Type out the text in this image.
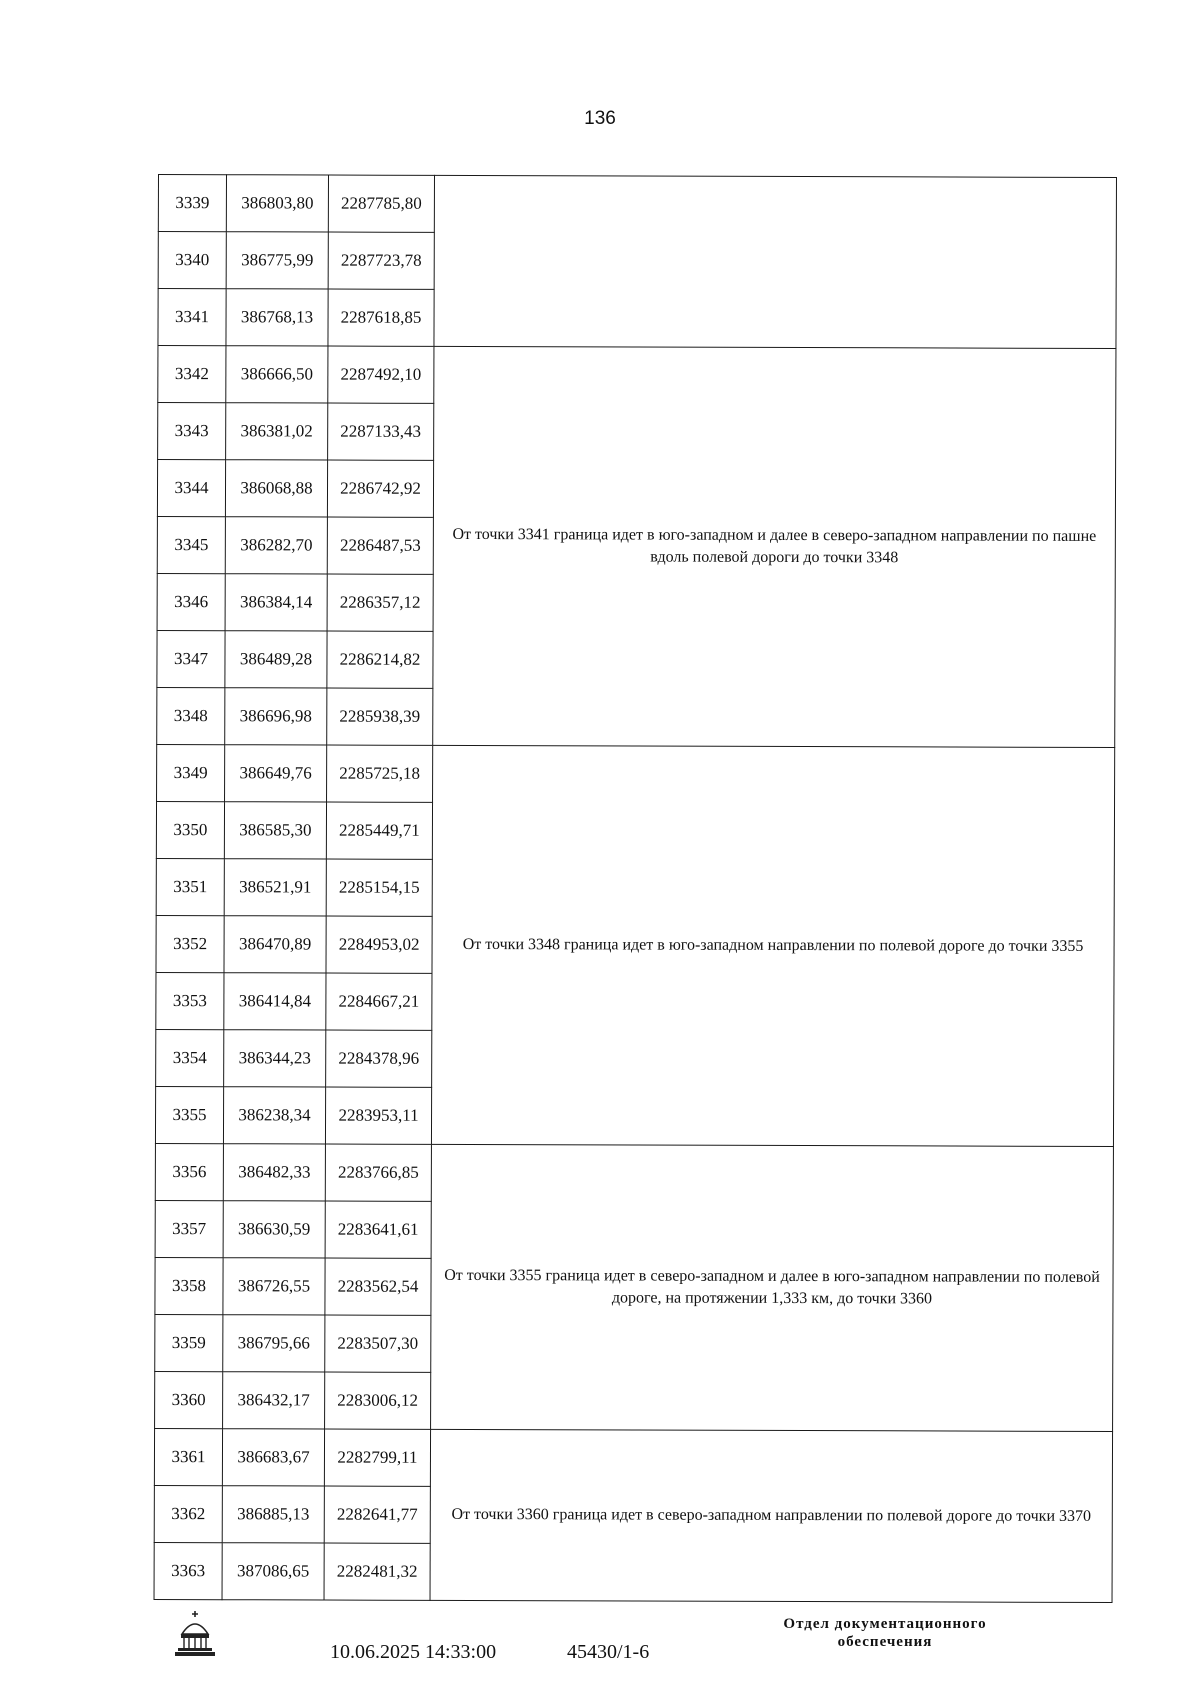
136
3339	386803,80	2287785,80	
3340	386775,99	2287723,78	
3341	386768,13	2287618,85	
3342	386666,50	2287492,10	От точки 3341 граница идет в юго-западном и далее в северо-западном направлении по пашне вдоль полевой дороги до точки 3348
3343	386381,02	2287133,43	
3344	386068,88	2286742,92	
3345	386282,70	2286487,53	
3346	386384,14	2286357,12	
3347	386489,28	2286214,82	
3348	386696,98	2285938,39	
3349	386649,76	2285725,18	От точки 3348 граница идет в юго-западном направлении по полевой дороге до точки 3355
3350	386585,30	2285449,71	
3351	386521,91	2285154,15	
3352	386470,89	2284953,02	
3353	386414,84	2284667,21	
3354	386344,23	2284378,96	
3355	386238,34	2283953,11	
3356	386482,33	2283766,85	От точки 3355 граница идет в северо-западном и далее в юго-западном направлении по полевой дороге, на протяжении 1,333 км, до точки 3360
3357	386630,59	2283641,61	
3358	386726,55	2283562,54	
3359	386795,66	2283507,30	
3360	386432,17	2283006,12	
3361	386683,67	2282799,11	От точки 3360 граница идет в северо-западном направлении по полевой дороге до точки 3370
3362	386885,13	2282641,77	
3363	387086,65	2282481,32	
10.06.2025 14:33:00	45430/1-6
Отдел документационного
обеспечения
